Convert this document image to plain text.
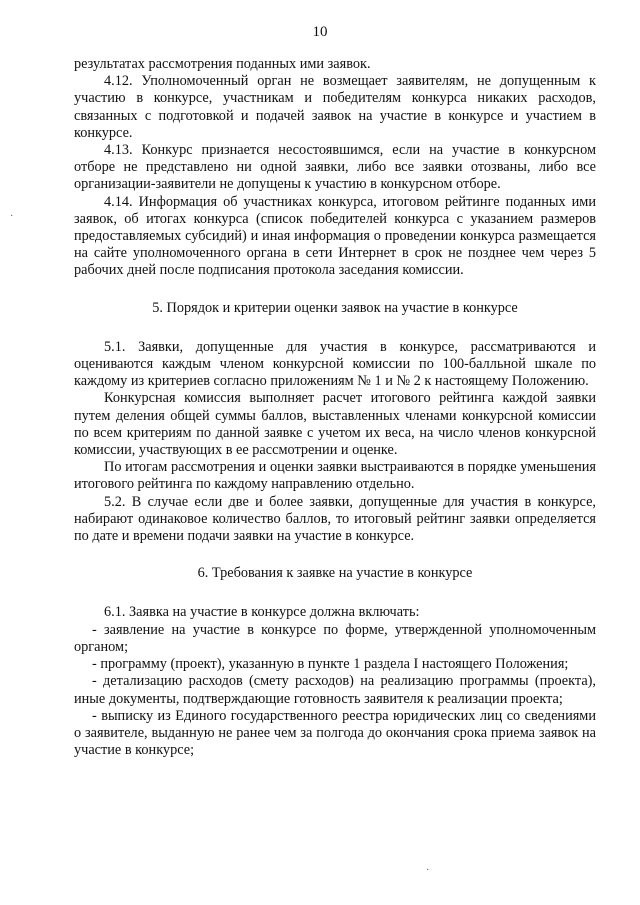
10

результатах рассмотрения поданных ими заявок.

4.12. Уполномоченный орган не возмещает заявителям, не допущенным к участию в конкурсе, участникам и победителям конкурса никаких расходов, связанных с подготовкой и подачей заявок на участие в конкурсе и участием в конкурсе.

4.13. Конкурс признается несостоявшимся, если на участие в конкурсном отборе не представлено ни одной заявки, либо все заявки отозваны, либо все организации-заявители не допущены к участию в конкурсном отборе.

4.14. Информация об участниках конкурса, итоговом рейтинге поданных ими заявок, об итогах конкурса (список победителей конкурса с указанием размеров предоставляемых субсидий) и иная информация о проведении конкурса размещается на сайте уполномоченного органа в сети Интернет в срок не позднее чем через 5 рабочих дней после подписания протокола заседания комиссии.

5. Порядок и критерии оценки заявок на участие в конкурсе

5.1. Заявки, допущенные для участия в конкурсе, рассматриваются и оцениваются каждым членом конкурсной комиссии по 100-балльной шкале по каждому из критериев согласно приложениям № 1 и № 2 к настоящему Положению.

Конкурсная комиссия выполняет расчет итогового рейтинга каждой заявки путем деления общей суммы баллов, выставленных членами конкурсной комиссии по всем критериям по данной заявке с учетом их веса, на число членов конкурсной комиссии, участвующих в ее рассмотрении и оценке.

По итогам рассмотрения и оценки заявки выстраиваются в порядке уменьшения итогового рейтинга по каждому направлению отдельно.

5.2. В случае если две и более заявки, допущенные для участия в конкурсе, набирают одинаковое количество баллов, то итоговый рейтинг заявки определяется по дате и времени подачи заявки на участие в конкурсе.

6. Требования к заявке на участие в конкурсе

6.1. Заявка на участие в конкурсе должна включать:

- заявление на участие в конкурсе по форме, утвержденной уполномоченным органом;

- программу (проект), указанную в пункте 1 раздела I настоящего Положения;

- детализацию расходов (смету расходов) на реализацию программы (проекта), иные документы, подтверждающие готовность заявителя к реализации проекта;

- выписку из Единого государственного реестра юридических лиц со сведениями о заявителе, выданную не ранее чем за полгода до окончания срока приема заявок на участие в конкурсе;

·
·
